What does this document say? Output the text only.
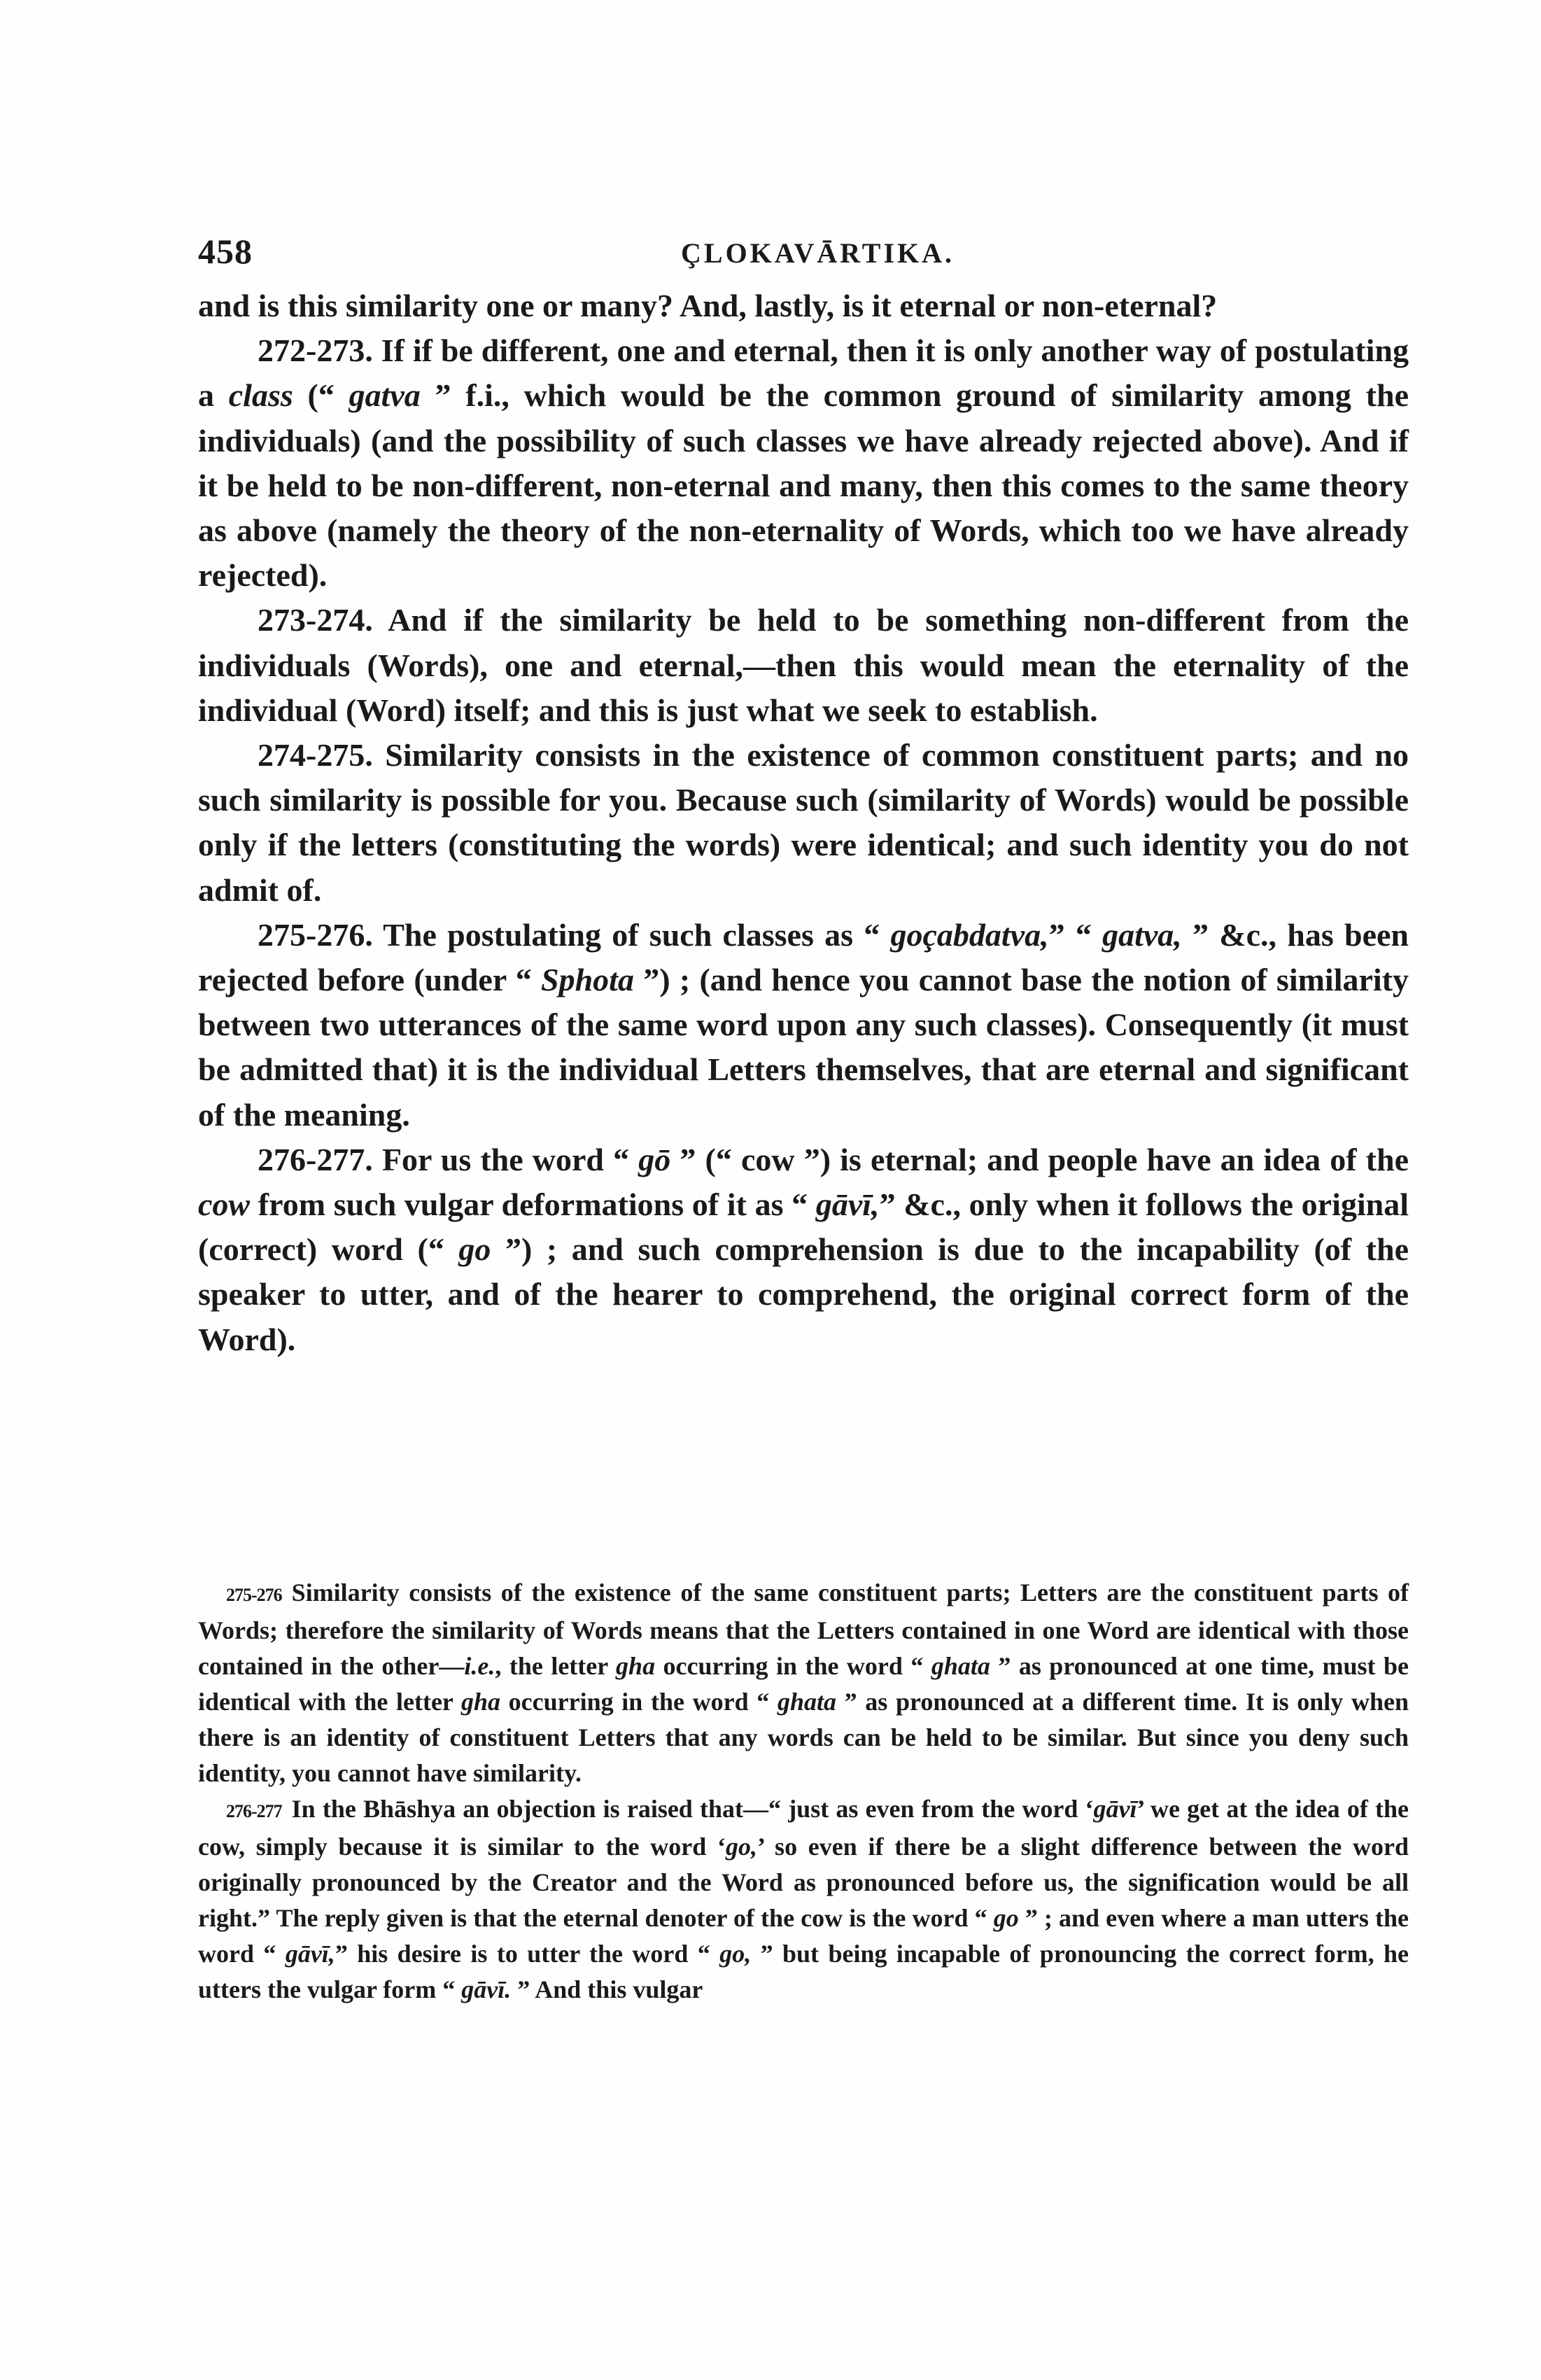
458	ÇLOKAVĀRTIKA.

and is this similarity one or many? And, lastly, is it eternal or non-eternal?

272-273. If if be different, one and eternal, then it is only another way of postulating a class (“ gatva ” f.i., which would be the common ground of similarity among the individuals) (and the possibility of such classes we have already rejected above). And if it be held to be non-different, non-eternal and many, then this comes to the same theory as above (namely the theory of the non-eternality of Words, which too we have already rejected).

273-274. And if the similarity be held to be something non-different from the individuals (Words), one and eternal,—then this would mean the eternality of the individual (Word) itself; and this is just what we seek to establish.

274-275. Similarity consists in the existence of common constituent parts; and no such similarity is possible for you. Because such (similarity of Words) would be possible only if the letters (constituting the words) were identical; and such identity you do not admit of.

275-276. The postulating of such classes as “ goçabdatva,” “ gatva, ” &c., has been rejected before (under “ Sphota ”) ; (and hence you cannot base the notion of similarity between two utterances of the same word upon any such classes). Consequently (it must be admitted that) it is the individual Letters themselves, that are eternal and significant of the meaning.

276-277. For us the word “ gō ” (“ cow ”) is eternal; and people have an idea of the cow from such vulgar deformations of it as “ gāvī,” &c., only when it follows the original (correct) word (“ go ”) ; and such comprehension is due to the incapability (of the speaker to utter, and of the hearer to comprehend, the original correct form of the Word).

275-276 Similarity consists of the existence of the same constituent parts; Letters are the constituent parts of Words; therefore the similarity of Words means that the Letters contained in one Word are identical with those contained in the other—i.e., the letter gha occurring in the word “ ghata ” as pronounced at one time, must be identical with the letter gha occurring in the word “ ghata ” as pronounced at a different time. It is only when there is an identity of constituent Letters that any words can be held to be similar. But since you deny such identity, you cannot have similarity.

276-277 In the Bhāshya an objection is raised that—“ just as even from the word ‘gāvī’ we get at the idea of the cow, simply because it is similar to the word ‘go,’ so even if there be a slight difference between the word originally pronounced by the Creator and the Word as pronounced before us, the signification would be all right.” The reply given is that the eternal denoter of the cow is the word “ go ” ; and even where a man utters the word “ gāvī,” his desire is to utter the word “ go, ” but being incapable of pronouncing the correct form, he utters the vulgar form “ gāvī. ” And this vulgar
